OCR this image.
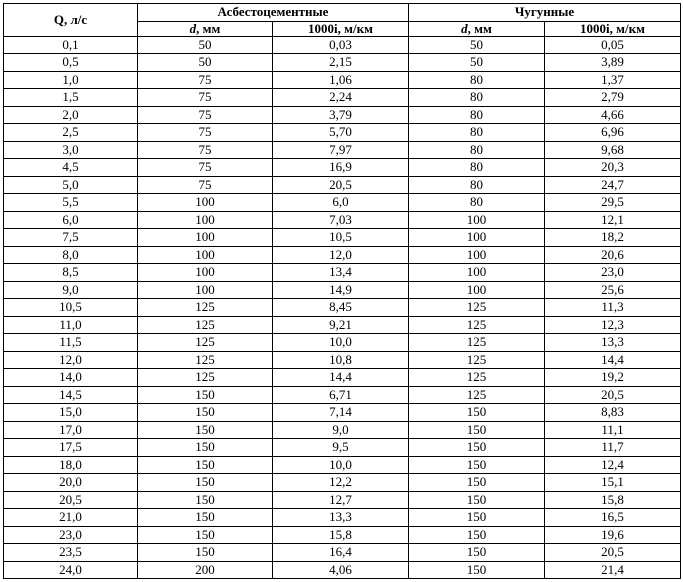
Q, л/с	Асбестоцементные		Чугунные	
	d, мм	1000i, м/км	d, мм	1000i, м/км
0,1	50	0,03	50	0,05
0,5	50	2,15	50	3,89
1,0	75	1,06	80	1,37
1,5	75	2,24	80	2,79
2,0	75	3,79	80	4,66
2,5	75	5,70	80	6,96
3,0	75	7,97	80	9,68
4,5	75	16,9	80	20,3
5,0	75	20,5	80	24,7
5,5	100	6,0	80	29,5
6,0	100	7,03	100	12,1
7,5	100	10,5	100	18,2
8,0	100	12,0	100	20,6
8,5	100	13,4	100	23,0
9,0	100	14,9	100	25,6
10,5	125	8,45	125	11,3
11,0	125	9,21	125	12,3
11,5	125	10,0	125	13,3
12,0	125	10,8	125	14,4
14,0	125	14,4	125	19,2
14,5	150	6,71	125	20,5
15,0	150	7,14	150	8,83
17,0	150	9,0	150	11,1
17,5	150	9,5	150	11,7
18,0	150	10,0	150	12,4
20,0	150	12,2	150	15,1
20,5	150	12,7	150	15,8
21,0	150	13,3	150	16,5
23,0	150	15,8	150	19,6
23,5	150	16,4	150	20,5
24,0	200	4,06	150	21,4
